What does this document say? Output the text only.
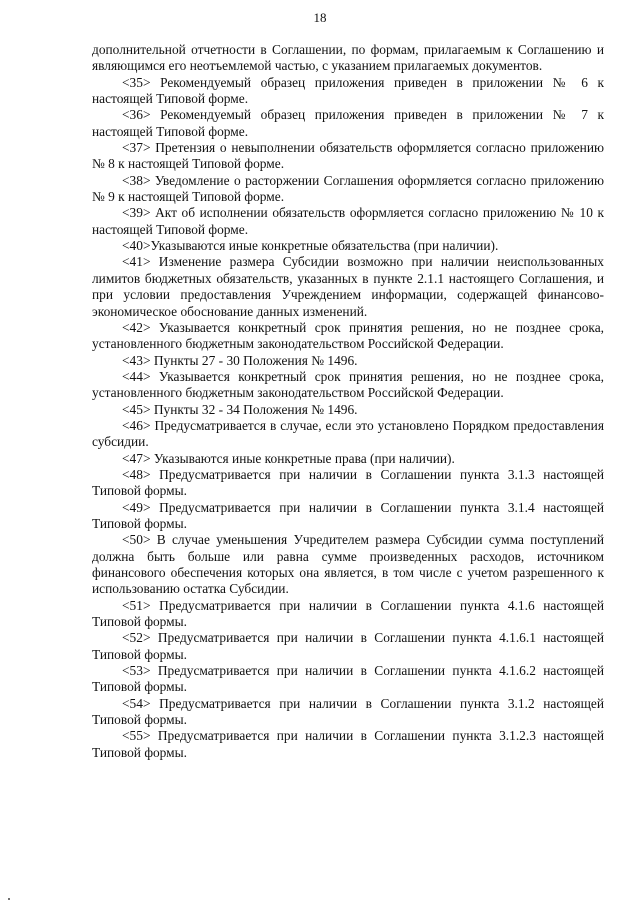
18

дополнительной отчетности в Соглашении, по формам, прилагаемым к Соглашению и являющимся его неотъемлемой частью, с указанием прилагаемых документов.

<35> Рекомендуемый образец приложения приведен в приложении № 6 к настоящей Типовой форме.

<36> Рекомендуемый образец приложения приведен в приложении № 7 к настоящей Типовой форме.

<37> Претензия о невыполнении обязательств оформляется согласно приложению № 8 к настоящей Типовой форме.

<38> Уведомление о расторжении Соглашения оформляется согласно приложению № 9 к настоящей Типовой форме.

<39> Акт об исполнении обязательств оформляется согласно приложению № 10 к настоящей Типовой форме.

<40>Указываются иные конкретные обязательства (при наличии).

<41> Изменение размера Субсидии возможно при наличии неиспользованных лимитов бюджетных обязательств, указанных в пункте 2.1.1 настоящего Соглашения, и при условии предоставления Учреждением информации, содержащей финансово-экономическое обоснование данных изменений.

<42> Указывается конкретный срок принятия решения, но не позднее срока, установленного бюджетным законодательством Российской Федерации.

<43> Пункты 27 - 30 Положения № 1496.

<44> Указывается конкретный срок принятия решения, но не позднее срока, установленного бюджетным законодательством Российской Федерации.

<45> Пункты 32 - 34 Положения № 1496.

<46> Предусматривается в случае, если это установлено Порядком предоставления субсидии.

<47> Указываются иные конкретные права (при наличии).

<48> Предусматривается при наличии в Соглашении пункта 3.1.3 настоящей Типовой формы.

<49> Предусматривается при наличии в Соглашении пункта 3.1.4 настоящей Типовой формы.

<50> В случае уменьшения Учредителем размера Субсидии сумма поступлений должна быть больше или равна сумме произведенных расходов, источником финансового обеспечения которых она является, в том числе с учетом разрешенного к использованию остатка Субсидии.

<51> Предусматривается при наличии в Соглашении пункта 4.1.6 настоящей Типовой формы.

<52> Предусматривается при наличии в Соглашении пункта 4.1.6.1 настоящей Типовой формы.

<53> Предусматривается при наличии в Соглашении пункта 4.1.6.2 настоящей Типовой формы.

<54> Предусматривается при наличии в Соглашении пункта 3.1.2 настоящей Типовой формы.

<55> Предусматривается при наличии в Соглашении пункта 3.1.2.3 настоящей Типовой формы.
